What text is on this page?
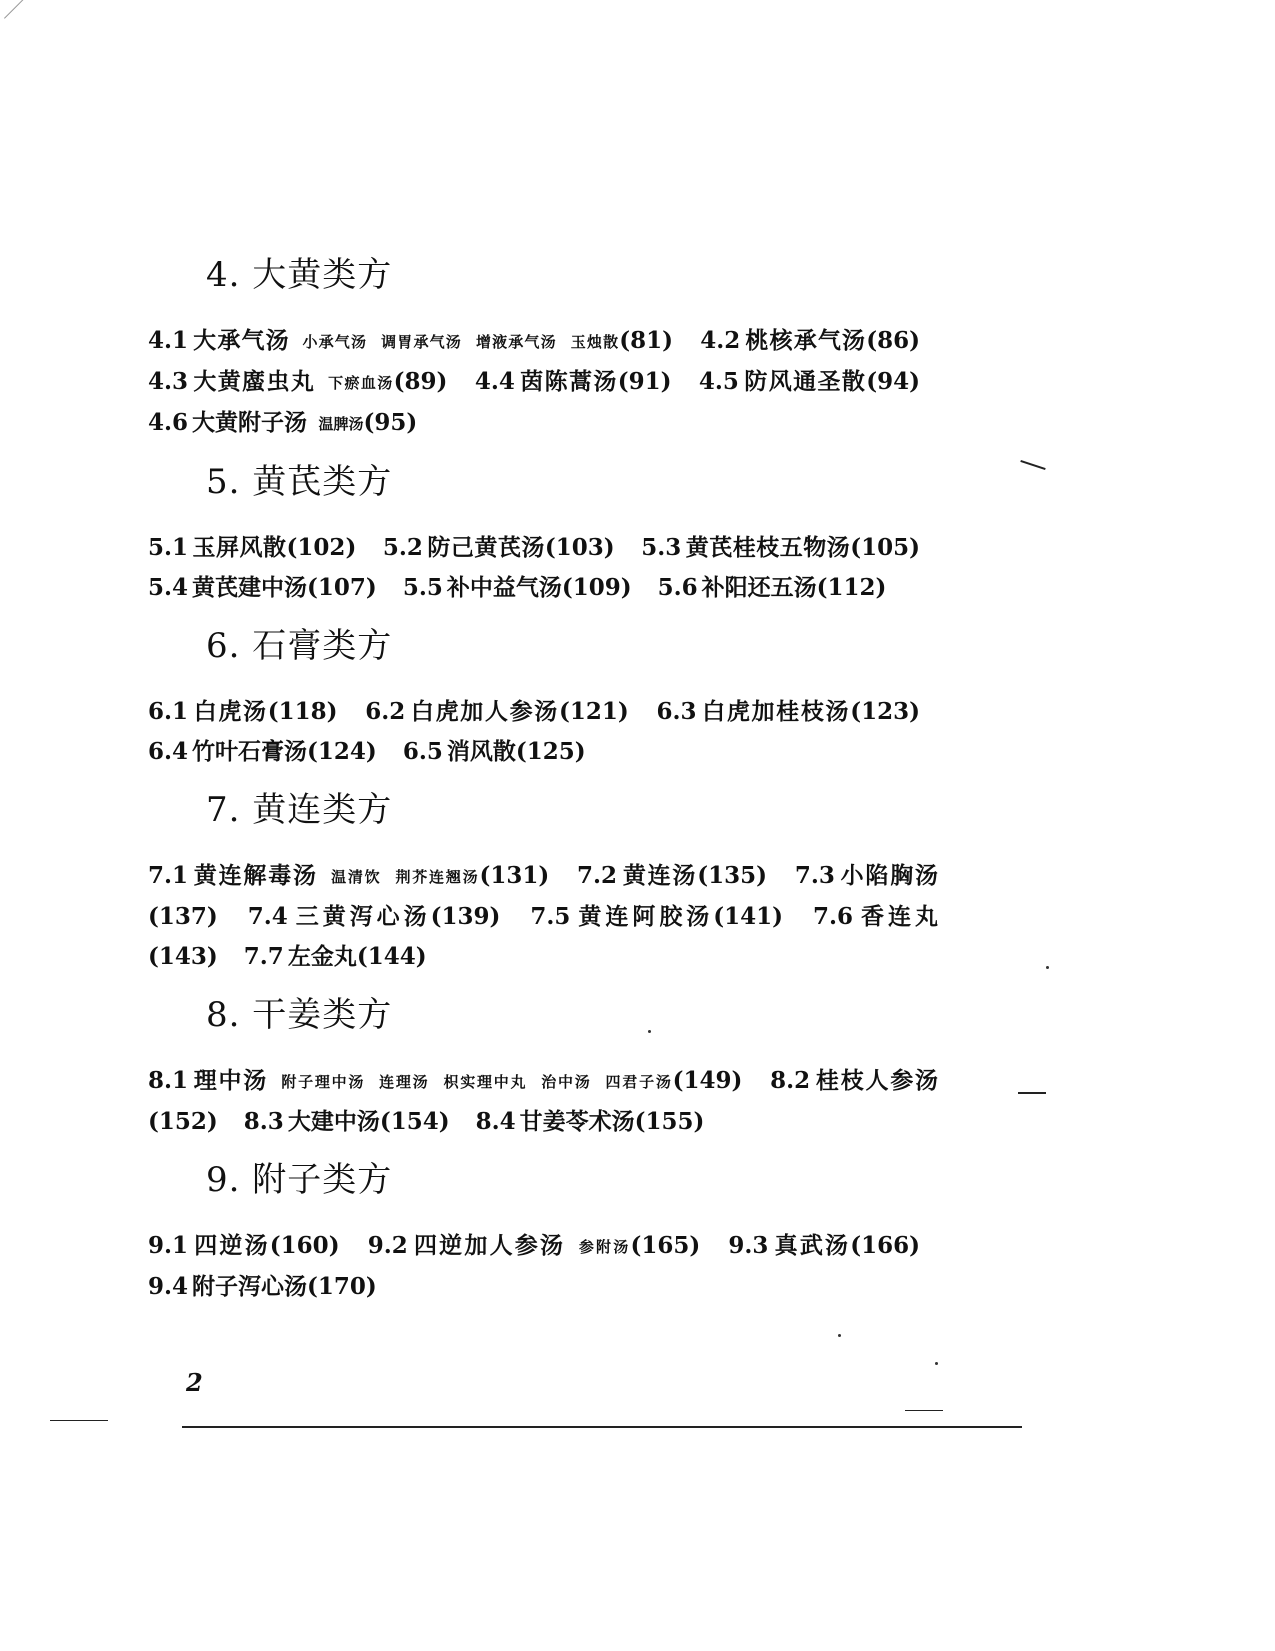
4. 大黄类方
4.1 大承气汤  小承气汤 调胃承气汤 增液承气汤 玉烛散(81) 4.2 桃核承气汤(86) 4.3 大黄䗪虫丸  下瘀血汤(89) 4.4 茵陈蒿汤(91) 4.5 防风通圣散(94) 4.6 大黄附子汤  温脾汤(95)
5. 黄芪类方
5.1 玉屏风散(102) 5.2 防己黄芪汤(103) 5.3 黄芪桂枝五物汤(105) 5.4 黄芪建中汤(107) 5.5 补中益气汤(109) 5.6 补阳还五汤(112)
6. 石膏类方
6.1 白虎汤(118) 6.2 白虎加人参汤(121) 6.3 白虎加桂枝汤(123) 6.4 竹叶石膏汤(124) 6.5 消风散(125)
7. 黄连类方
7.1 黄连解毒汤  温清饮 荆芥连翘汤(131) 7.2 黄连汤(135) 7.3 小陷胸汤(137) 7.4 三黄泻心汤(139) 7.5 黄连阿胶汤(141) 7.6 香连丸(143) 7.7 左金丸(144)
8. 干姜类方
8.1 理中汤  附子理中汤 连理汤 枳实理中丸 治中汤 四君子汤(149) 8.2 桂枝人参汤(152) 8.3 大建中汤(154) 8.4 甘姜苓术汤(155)
9. 附子类方
9.1 四逆汤(160) 9.2 四逆加人参汤  参附汤(165) 9.3 真武汤(166) 9.4 附子泻心汤(170)
2
